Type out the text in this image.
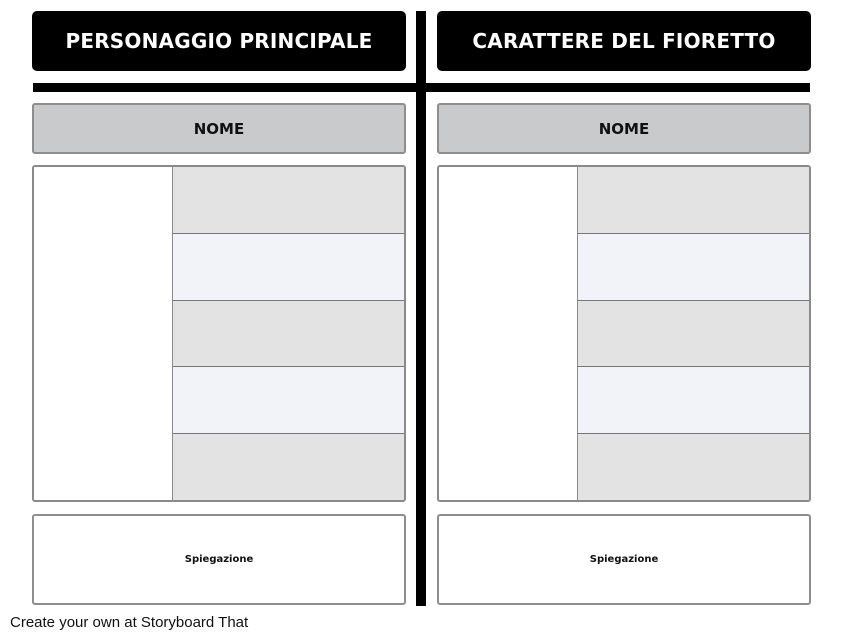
PERSONAGGIO PRINCIPALE
NOME
Spiegazione
CARATTERE DEL FIORETTO
NOME
Spiegazione
Create your own at Storyboard That
